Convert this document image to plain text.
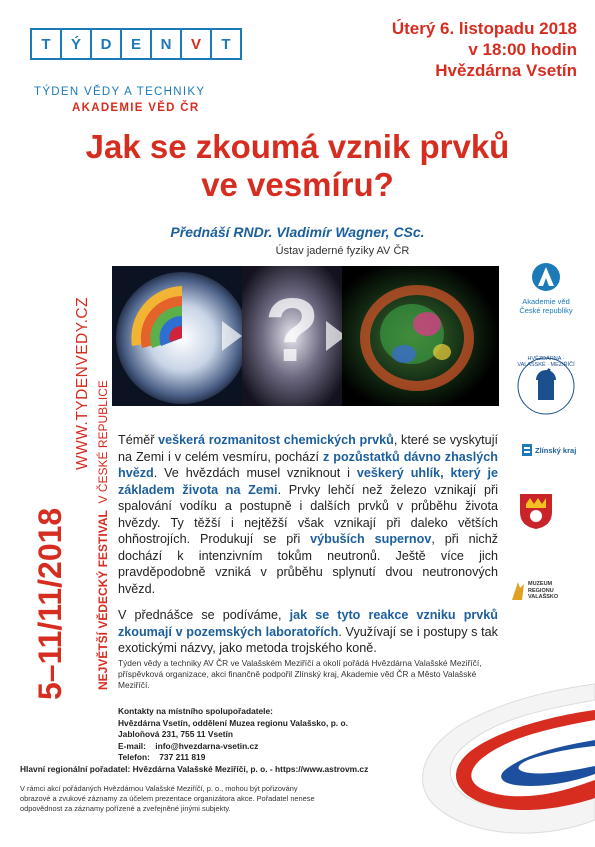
T	Ý	D	E	N	V	T
TÝDEN VĚDY A TECHNIKY
AKADEMIE VĚD ČR
Úterý 6. listopadu 2018
v 18:00 hodin
Hvězdárna Vsetín
Jak se zkoumá vznik prvků
ve vesmíru?
Přednáší RNDr. Vladimír Wagner, CSc.
Ústav jaderné fyziky AV ČR
?
5–11/11/2018
WWW.TYDENVEDY.CZ
NEJVĚTŠÍ VĚDECKÝ FESTIVAL  V ČESKÉ REPUBLICE Téměř veškerá rozmanitost chemických prvků, které se vyskytují na Zemi i v celém vesmíru, pochází z pozůstatků dávno zhaslých hvězd. Ve hvězdách musel vzniknout i veškerý uhlík, který je základem života na Zemi. Prvky lehčí než železo vznikají při spalování vodíku a postupně i dalších prvků v průběhu života hvězdy. Ty těžší i nejtěžší však vznikají při daleko větších ohňostrojích. Produkují se při výbuších supernov, při nichž dochází k intenzivním tokům neutronů. Ještě více jich pravděpodobně vzniká v průběhu splynutí dvou neutronových hvězd.

V přednášce se podíváme, jak se tyto reakce vzniku prvků zkoumají v pozemských laboratořích. Využívají se i postupy s tak exotickými názvy, jako metoda trojského koně.

Týden vědy a techniky AV ČR ve Valašském Meziříčí a okolí pořádá Hvězdárna Valašské Meziříčí, příspěvková organizace, akci finančně podpořil Zlínský kraj, Akademie věd ČR a Město Valašské Meziříčí.
Kontakty na místního spolupořadatele:
Hvězdárna Vsetín, oddělení Muzea regionu Valašsko, p. o.
Jabloňová 231, 755 11 Vsetín
E-mail: info@hvezdarna-vsetin.cz
Telefon: 737 211 819
Hlavní regionální pořadatel: Hvězdárna Valašské Meziříčí, p. o. - https://www.astrovm.cz
V rámci akcí pořádaných Hvězdárnou Valašské Meziříčí, p. o., mohou být pořizovány obrazové a zvukové záznamy za účelem prezentace organizátora akce. Pořadatel nenese odpovědnost za záznamy pořízené a zveřejněné jinými subjekty.
Akademie věd
České republiky
HVĚZDÁRNA · VALAŠSKÉ · MEZIŘÍČÍ
Zlínský kraj
MUZEUM
REGIONU
VALAŠSKO
